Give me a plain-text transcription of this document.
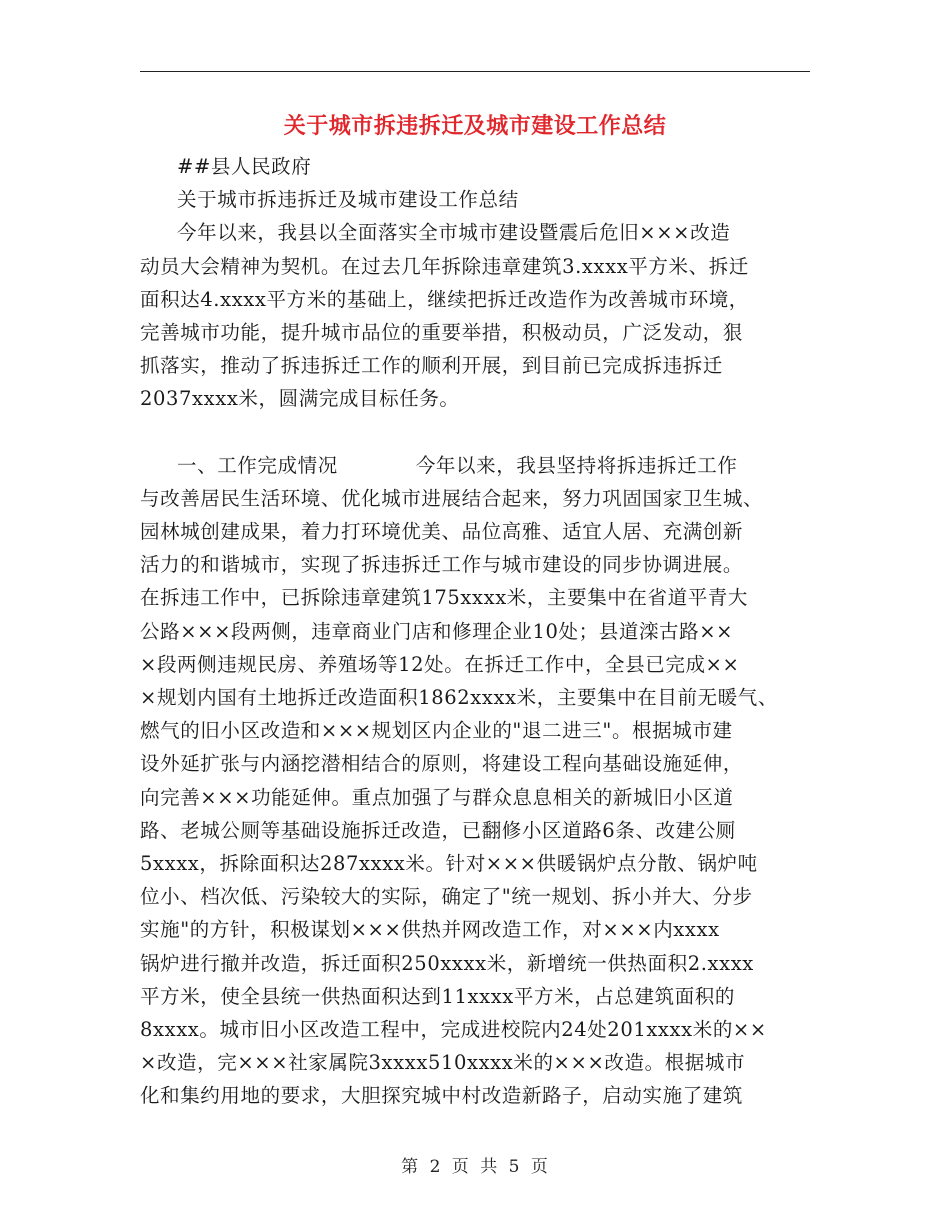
关于城市拆违拆迁及城市建设工作总结
##县人民政府
关于城市拆违拆迁及城市建设工作总结
今年以来，我县以全面落实全市城市建设暨震后危旧×××改造
动员大会精神为契机。在过去几年拆除违章建筑3.xxxx平方米、拆迁
面积达4.xxxx平方米的基础上，继续把拆迁改造作为改善城市环境，
完善城市功能，提升城市品位的重要举措，积极动员，广泛发动，狠
抓落实，推动了拆违拆迁工作的顺利开展，到目前已完成拆违拆迁
2037xxxx米，圆满完成目标任务。
一、工作完成情况	今年以来，我县坚持将拆违拆迁工作
与改善居民生活环境、优化城市进展结合起来，努力巩固国家卫生城、
园林城创建成果，着力打环境优美、品位高雅、适宜人居、充满创新
活力的和谐城市，实现了拆违拆迁工作与城市建设的同步协调进展。
在拆违工作中，已拆除违章建筑175xxxx米，主要集中在省道平青大
公路×××段两侧，违章商业门店和修理企业10处；县道滦古路××
×段两侧违规民房、养殖场等12处。在拆迁工作中，全县已完成××
×规划内国有土地拆迁改造面积1862xxxx米，主要集中在目前无暖气、
燃气的旧小区改造和×××规划区内企业的"退二进三"。根据城市建
设外延扩张与内涵挖潜相结合的原则，将建设工程向基础设施延伸，
向完善×××功能延伸。重点加强了与群众息息相关的新城旧小区道
路、老城公厕等基础设施拆迁改造，已翻修小区道路6条、改建公厕
5xxxx，拆除面积达287xxxx米。针对×××供暖锅炉点分散、锅炉吨
位小、档次低、污染较大的实际，确定了"统一规划、拆小并大、分步
实施"的方针，积极谋划×××供热并网改造工作，对×××内xxxx
锅炉进行撤并改造，拆迁面积250xxxx米，新增统一供热面积2.xxxx
平方米，使全县统一供热面积达到11xxxx平方米，占总建筑面积的
8xxxx。城市旧小区改造工程中，完成进校院内24处201xxxx米的××
×改造，完×××社家属院3xxxx510xxxx米的×××改造。根据城市
化和集约用地的要求，大胆探究城中村改造新路子，启动实施了建筑
第 2 页 共 5 页
